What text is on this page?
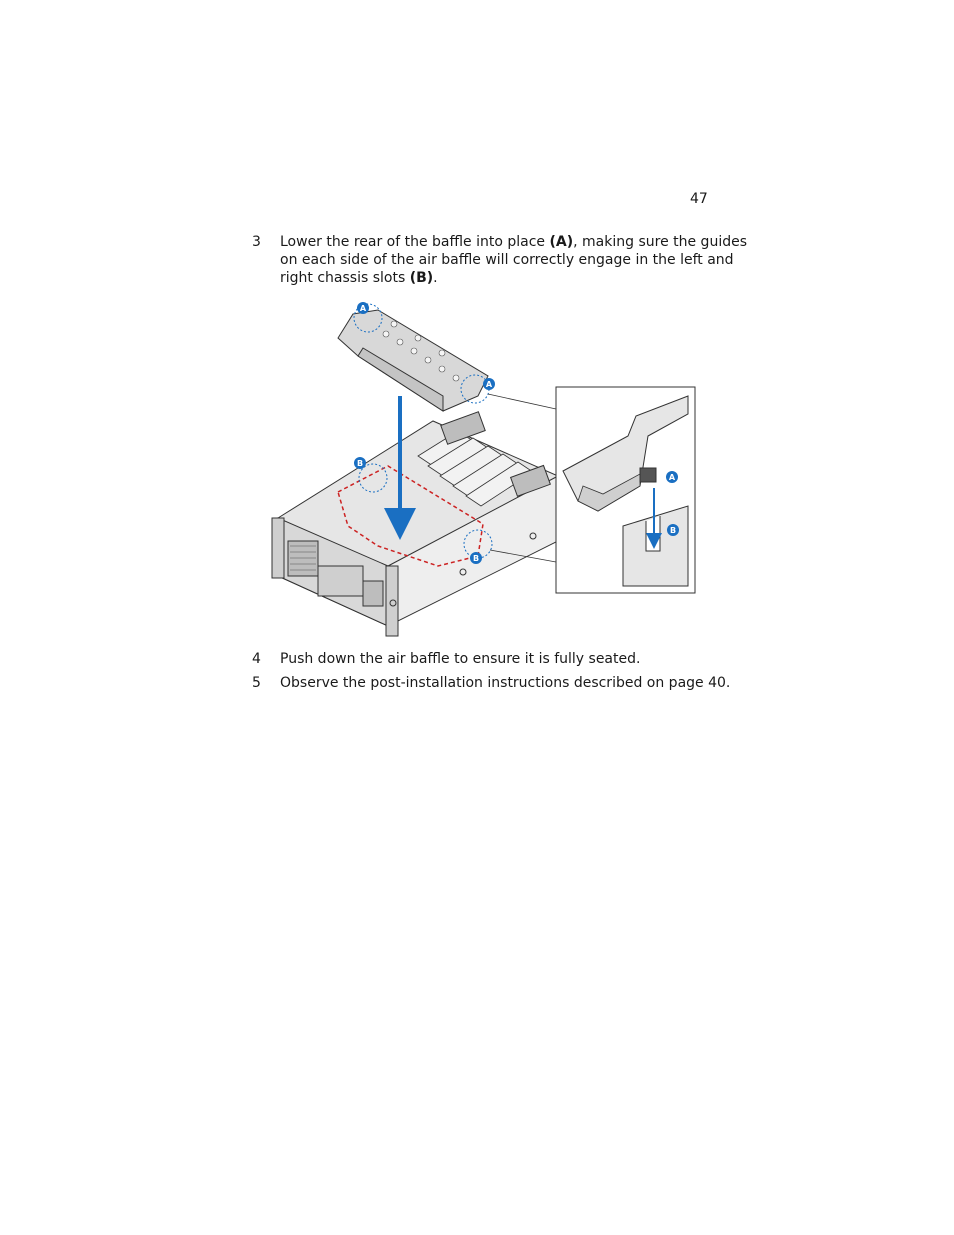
47
3 Lower the rear of the baffle into place (A), making sure the guides
on each side of the air baffle will correctly engage in the left and
right chassis slots (B).
A
A
B
B
A
B
4 Push down the air baffle to ensure it is fully seated.
5 Observe the post-installation instructions described on page 40.
